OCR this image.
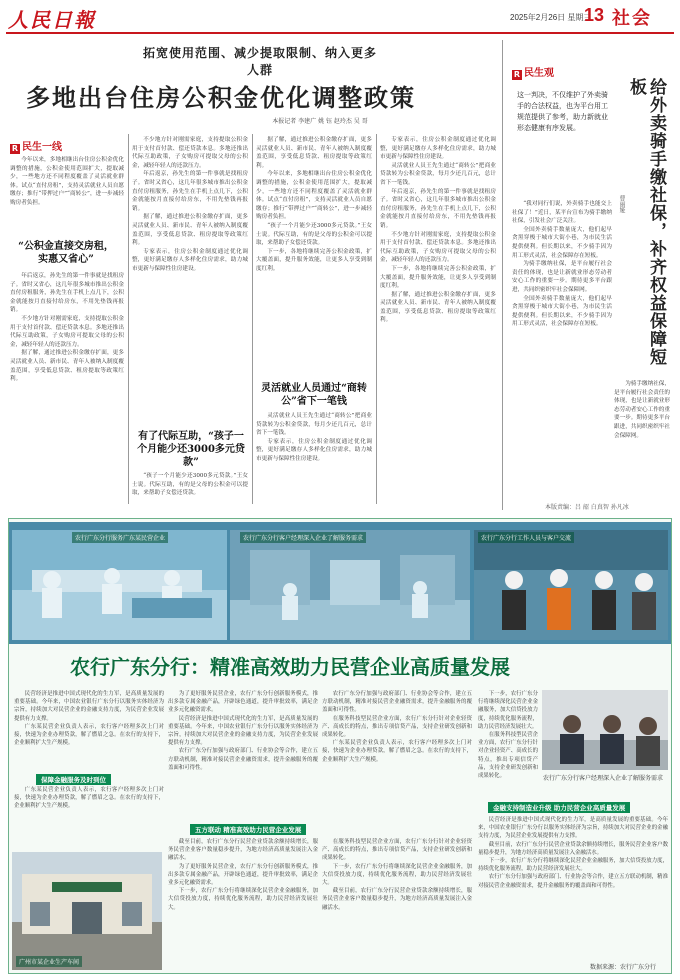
人民日報	2025年2月26日 星期三
13 社会
拓宽使用范围、减少提取限制、纳入更多人群
多地出台住房公积金优化调整政策
本报记者 李建广 姚 钰 赵玲杰 吴 哥
R 民生一线

今年以来，多地相继出台住房公积金优化调整的措施，公积金使用范围扩大，提取减少，一些地方还不同程度覆盖了灵活就业群体。试点“直付房租”，支持灵活就业人员自愿缴存；推行“带押过户”“商转公”，进一步减轻购房者负担。

“公积金直接交房租，实惠又省心”

年后返京，孙先生的第一件事就是找租房子。省时又省心，这几年很多城市推出公积金直付房租服务，孙先生在手机上点几下，公积金就能按月直接付给房东，不用先垫钱再报销。

不少地方针对刚需家庭，支持提取公积金用于支付首付款、偿还贷款本息。多地还推出代际互助政策，子女购房可提取父母的公积金，减轻年轻人的还款压力。

据了解，通过推进公积金缴存扩面，更多灵活就业人员、新市民、青年人被纳入制度覆盖范围，享受低息贷款、租房提取等政策红利。

不少地方针对刚需家庭，支持提取公积金用于支付首付款、偿还贷款本息。多地还推出代际互助政策，子女购房可提取父母的公积金，减轻年轻人的还款压力。

年后返京，孙先生的第一件事就是找租房子。省时又省心，这几年很多城市推出公积金直付房租服务，孙先生在手机上点几下，公积金就能按月直接付给房东，不用先垫钱再报销。

据了解，通过推进公积金缴存扩面，更多灵活就业人员、新市民、青年人被纳入制度覆盖范围，享受低息贷款、租房提取等政策红利。

专家表示，住房公积金制度通过优化调整，更好满足缴存人多样化住房需求，助力城市更新与保障性住房建设。

有了代际互助，“孩子一个月能少还3000多元贷款”

“孩子一个月能少还3000多元贷款。”王女士说。代际互助，有的是父母的公积金可以提取，来帮助子女偿还贷款。

据了解，通过推进公积金缴存扩面，更多灵活就业人员、新市民、青年人被纳入制度覆盖范围，享受低息贷款、租房提取等政策红利。

今年以来，多地相继出台住房公积金优化调整的措施，公积金使用范围扩大，提取减少，一些地方还不同程度覆盖了灵活就业群体。试点“直付房租”，支持灵活就业人员自愿缴存；推行“带押过户”“商转公”，进一步减轻购房者负担。

“孩子一个月能少还3000多元贷款。”王女士说。代际互助，有的是父母的公积金可以提取，来帮助子女偿还贷款。

下一步，各地将继续完善公积金政策，扩大覆盖面，提升服务效能，让更多人享受到制度红利。

灵活就业人员通过“商转公”省下一笔钱

灵活就业人员王先生通过“商转公”把商业贷款转为公积金贷款，每月少还几百元，总计省下一笔钱。

专家表示，住房公积金制度通过优化调整，更好满足缴存人多样化住房需求，助力城市更新与保障性住房建设。

专家表示，住房公积金制度通过优化调整，更好满足缴存人多样化住房需求，助力城市更新与保障性住房建设。

灵活就业人员王先生通过“商转公”把商业贷款转为公积金贷款，每月少还几百元，总计省下一笔钱。

年后返京，孙先生的第一件事就是找租房子。省时又省心，这几年很多城市推出公积金直付房租服务，孙先生在手机上点几下，公积金就能按月直接付给房东，不用先垫钱再报销。

不少地方针对刚需家庭，支持提取公积金用于支付首付款、偿还贷款本息。多地还推出代际互助政策，子女购房可提取父母的公积金，减轻年轻人的还款压力。

下一步，各地将继续完善公积金政策，扩大覆盖面，提升服务效能，让更多人享受到制度红利。

据了解，通过推进公积金缴存扩面，更多灵活就业人员、新市民、青年人被纳入制度覆盖范围，享受低息贷款、租房提取等政策红利。

R 民生观
这一判决，不仅维护了外卖骑手的合法权益，也为平台用工规范提供了参考，助力新就业形态健康有序发展。	给外卖骑手缴社保，补齐权益保障短板
曹丽娅

“我对同行们说，外卖骑手也能交上社保了！”近日，某平台宣布为骑手缴纳社保，引发社会广泛关注。

全国外卖骑手数量庞大，他们起早贪黑穿梭于城市大街小巷，为市民生活提供便利。但长期以来，不少骑手因为用工形式灵活，社会保障存在短板。

为骑手缴纳社保，是平台履行社会责任的体现，也是让新就业形态劳动者安心工作的重要一步。期待更多平台跟进，共同织密织牢社会保障网。

全国外卖骑手数量庞大，他们起早贪黑穿梭于城市大街小巷，为市民生活提供便利。但长期以来，不少骑手因为用工形式灵活，社会保障存在短板。

为骑手缴纳社保，是平台履行社会责任的体现，也是让新就业形态劳动者安心工作的重要一步。期待更多平台跟进，共同织密织牢社会保障网。

本版责编：吕 韶 白真智 孙凡冰
农行广东分行服务广东某民营企业	农行广东分行客户经理深入企业了解服务需求	农行广东分行工作人员与客户交流
农行广东分行：精准高效助力民营企业高质量发展

民营经济是推进中国式现代化的生力军，是高质量发展的重要基础。今年来，中国农业银行广东分行以服务实体经济为宗旨，持续加大对民营企业的金融支持力度，为民营企业发展提供有力支撑。

广东某民营企业负责人表示，农行客户经理多次上门对接，快速为企业办理贷款，解了燃眉之急。在农行的支持下，企业顺利扩大生产规模。

保障金融服务及时到位

广东某民营企业负责人表示，农行客户经理多次上门对接，快速为企业办理贷款，解了燃眉之急。在农行的支持下，企业顺利扩大生产规模。

广州市某企业生产车间

为了更好服务民营企业，农行广东分行创新服务模式，推出多款专属金融产品，开辟绿色通道，提升审批效率，满足企业多元化融资需求。

民营经济是推进中国式现代化的生力军，是高质量发展的重要基础。今年来，中国农业银行广东分行以服务实体经济为宗旨，持续加大对民营企业的金融支持力度，为民营企业发展提供有力支撑。

农行广东分行加强与政府部门、行业协会等合作，建立五方联动机制，精准对接民营企业融资需求，提升金融服务的覆盖面和可得性。

农行广东分行加强与政府部门、行业协会等合作，建立五方联动机制，精准对接民营企业融资需求，提升金融服务的覆盖面和可得性。

在服务科技型民营企业方面，农行广东分行针对企业轻资产、高成长的特点，推出专项信贷产品，支持企业研发创新和成果转化。

广东某民营企业负责人表示，农行客户经理多次上门对接，快速为企业办理贷款，解了燃眉之急。在农行的支持下，企业顺利扩大生产规模。

五方联动 精准高效助力民营企业发展

截至目前，农行广东分行民营企业贷款余额持续增长，服务民营企业客户数量稳步提升，为地方经济高质量发展注入金融活水。

为了更好服务民营企业，农行广东分行创新服务模式，推出多款专属金融产品，开辟绿色通道，提升审批效率，满足企业多元化融资需求。

下一步，农行广东分行将继续深化民营企业金融服务，加大信贷投放力度，持续优化服务流程，助力民营经济发展壮大。

在服务科技型民营企业方面，农行广东分行针对企业轻资产、高成长的特点，推出专项信贷产品，支持企业研发创新和成果转化。

下一步，农行广东分行将继续深化民营企业金融服务，加大信贷投放力度，持续优化服务流程，助力民营经济发展壮大。

截至目前，农行广东分行民营企业贷款余额持续增长，服务民营企业客户数量稳步提升，为地方经济高质量发展注入金融活水。

下一步，农行广东分行将继续深化民营企业金融服务，加大信贷投放力度，持续优化服务流程，助力民营经济发展壮大。

在服务科技型民营企业方面，农行广东分行针对企业轻资产、高成长的特点，推出专项信贷产品，支持企业研发创新和成果转化。	农行广东分行客户经理深入企业了解服务需求
金融支持制造业升级 助力民营企业高质量发展

民营经济是推进中国式现代化的生力军，是高质量发展的重要基础。今年来，中国农业银行广东分行以服务实体经济为宗旨，持续加大对民营企业的金融支持力度，为民营企业发展提供有力支撑。

截至目前，农行广东分行民营企业贷款余额持续增长，服务民营企业客户数量稳步提升，为地方经济高质量发展注入金融活水。

下一步，农行广东分行将继续深化民营企业金融服务，加大信贷投放力度，持续优化服务流程，助力民营经济发展壮大。

农行广东分行加强与政府部门、行业协会等合作，建立五方联动机制，精准对接民营企业融资需求，提升金融服务的覆盖面和可得性。

数据来源：农行广东分行
